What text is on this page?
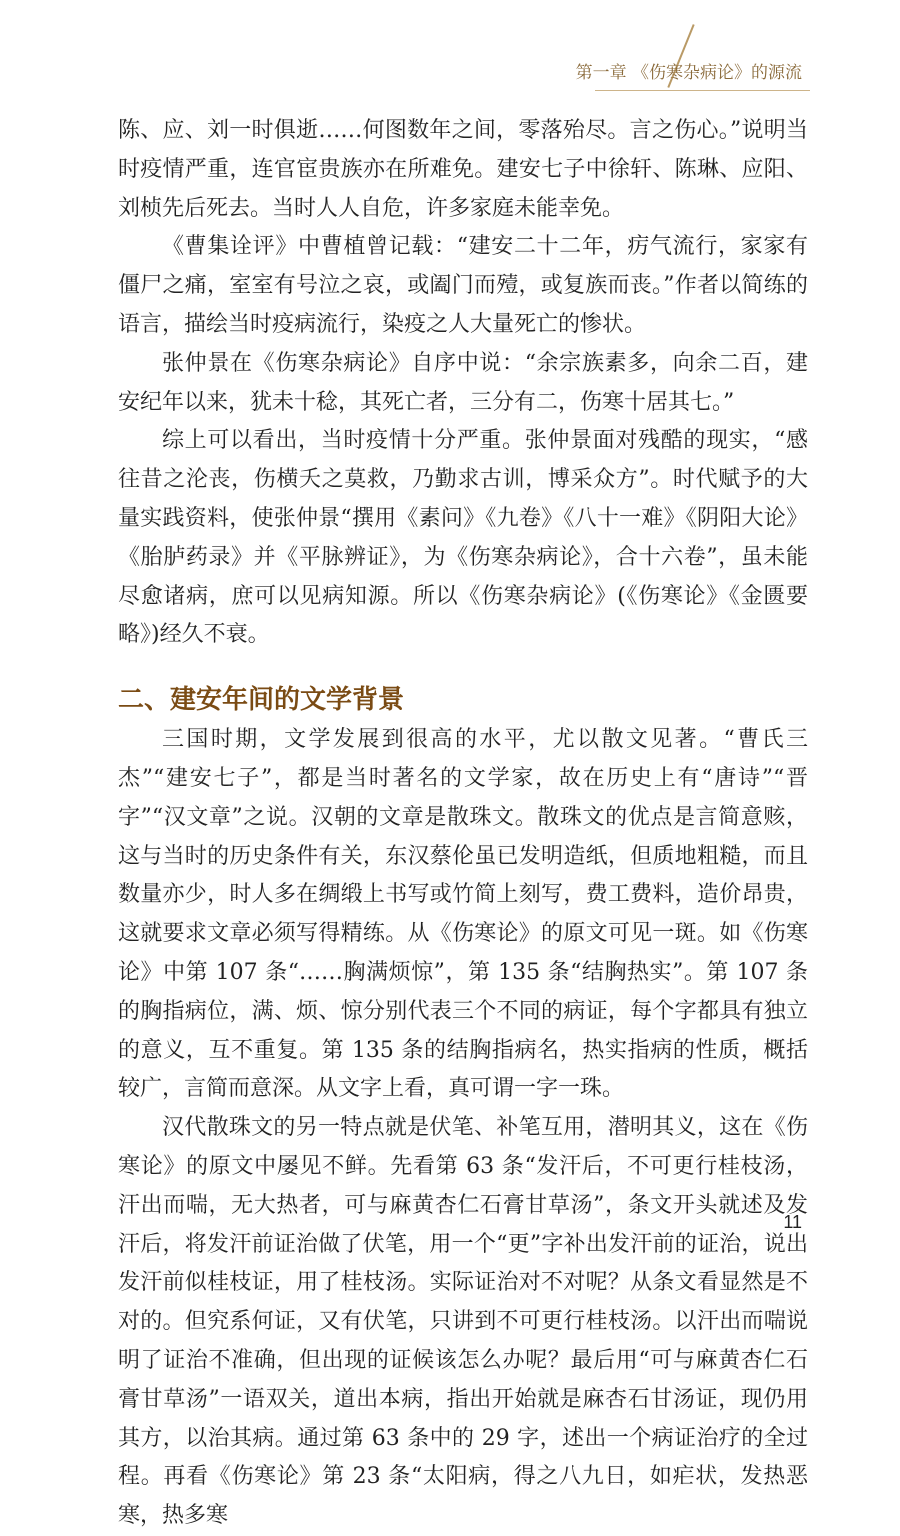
第一章 《伤寒杂病论》的源流

陈、应、刘一时俱逝……何图数年之间，零落殆尽。言之伤心。”说明当时疫情严重，连官宦贵族亦在所难免。建安七子中徐轩、陈琳、应阳、刘桢先后死去。当时人人自危，许多家庭未能幸免。

《曹集诠评》中曹植曾记载：“建安二十二年，疠气流行，家家有僵尸之痛，室室有号泣之哀，或阖门而殪，或复族而丧。”作者以简练的语言，描绘当时疫病流行，染疫之人大量死亡的惨状。

张仲景在《伤寒杂病论》自序中说：“余宗族素多，向余二百，建安纪年以来，犹未十稔，其死亡者，三分有二，伤寒十居其七。”

综上可以看出，当时疫情十分严重。张仲景面对残酷的现实，“感往昔之沦丧，伤横夭之莫救，乃勤求古训，博采众方”。时代赋予的大量实践资料，使张仲景“撰用《素问》《九卷》《八十一难》《阴阳大论》《胎胪药录》并《平脉辨证》，为《伤寒杂病论》，合十六卷”，虽未能尽愈诸病，庶可以见病知源。所以《伤寒杂病论》(《伤寒论》《金匮要略》)经久不衰。

二、建安年间的文学背景

三国时期，文学发展到很高的水平，尤以散文见著。“曹氏三杰”“建安七子”，都是当时著名的文学家，故在历史上有“唐诗”“晋字”“汉文章”之说。汉朝的文章是散珠文。散珠文的优点是言简意赅，这与当时的历史条件有关，东汉蔡伦虽已发明造纸，但质地粗糙，而且数量亦少，时人多在绸缎上书写或竹简上刻写，费工费料，造价昂贵，这就要求文章必须写得精练。从《伤寒论》的原文可见一斑。如《伤寒论》中第 107 条“……胸满烦惊”，第 135 条“结胸热实”。第 107 条的胸指病位，满、烦、惊分别代表三个不同的病证，每个字都具有独立的意义，互不重复。第 135 条的结胸指病名，热实指病的性质，概括较广，言简而意深。从文字上看，真可谓一字一珠。

汉代散珠文的另一特点就是伏笔、补笔互用，潜明其义，这在《伤寒论》的原文中屡见不鲜。先看第 63 条“发汗后，不可更行桂枝汤，汗出而喘，无大热者，可与麻黄杏仁石膏甘草汤”，条文开头就述及发汗后，将发汗前证治做了伏笔，用一个“更”字补出发汗前的证治，说出发汗前似桂枝证，用了桂枝汤。实际证治对不对呢？从条文看显然是不对的。但究系何证，又有伏笔，只讲到不可更行桂枝汤。以汗出而喘说明了证治不准确，但出现的证候该怎么办呢？最后用“可与麻黄杏仁石膏甘草汤”一语双关，道出本病，指出开始就是麻杏石甘汤证，现仍用其方，以治其病。通过第 63 条中的 29 字，述出一个病证治疗的全过程。再看《伤寒论》第 23 条“太阳病，得之八九日，如疟状，发热恶寒，热多寒

11
